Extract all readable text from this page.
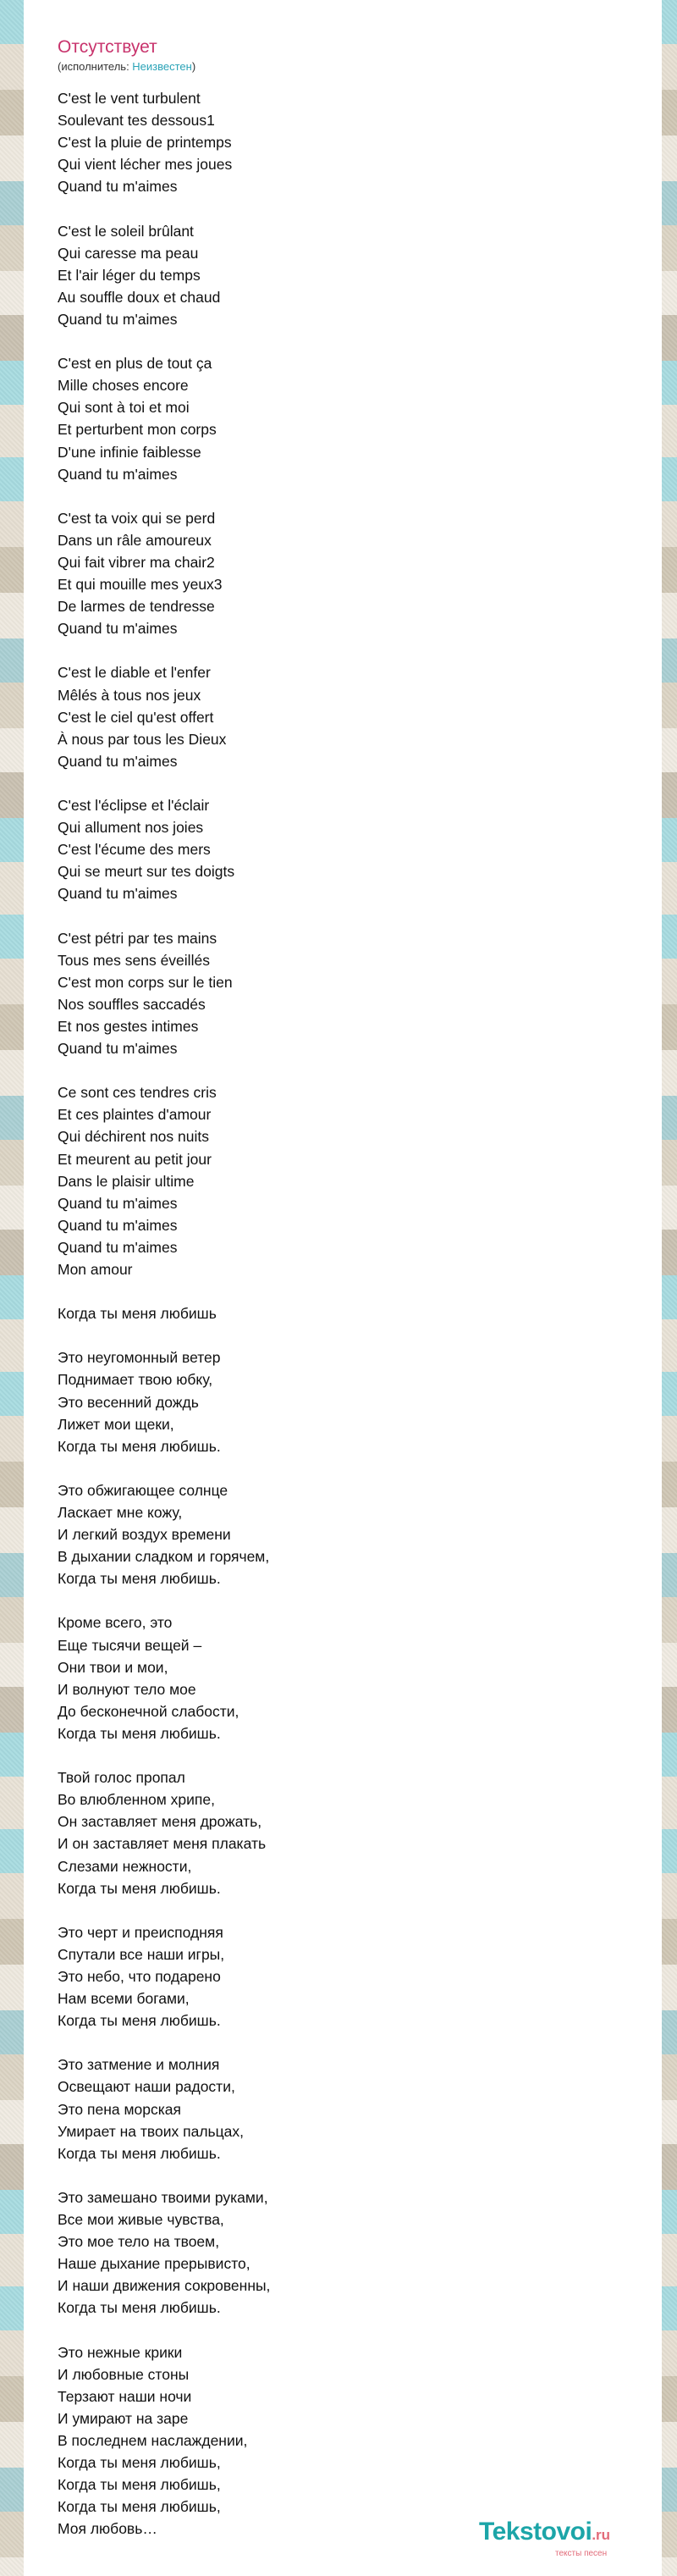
Отсутствует
(исполнитель: Неизвестен)
C'est le vent turbulent
Soulevant tes dessous1
C'est la pluie de printemps
Qui vient lécher mes joues
Quand tu m'aimes

C'est le soleil brûlant
Qui caresse ma peau
Et l'air léger du temps
Au souffle doux et chaud
Quand tu m'aimes

C'est en plus de tout ça
Mille choses encore
Qui sont à toi et moi
Et perturbent mon corps
D'une infinie faiblesse
Quand tu m'aimes

C'est ta voix qui se perd
Dans un râle amoureux
Qui fait vibrer ma chair2
Et qui mouille mes yeux3
De larmes de tendresse
Quand tu m'aimes

C'est le diable et l'enfer
Mêlés à tous nos jeux
C'est le ciel qu'est offert
À nous par tous les Dieux
Quand tu m'aimes

C'est l'éclipse et l'éclair
Qui allument nos joies
C'est l'écume des mers
Qui se meurt sur tes doigts
Quand tu m'aimes

C'est pétri par tes mains
Tous mes sens éveillés
C'est mon corps sur le tien
Nos souffles saccadés
Et nos gestes intimes
Quand tu m'aimes

Ce sont ces tendres cris
Et ces plaintes d'amour
Qui déchirent nos nuits
Et meurent au petit jour
Dans le plaisir ultime
Quand tu m'aimes
Quand tu m'aimes
Quand tu m'aimes
Mon amour

Когда ты меня любишь

Это неугомонный ветер
Поднимает твою юбку,
Это весенний дождь
Лижет мои щеки,
Когда ты меня любишь.

Это обжигающее солнце
Ласкает мне кожу,
И легкий воздух времени
В дыхании сладком и горячем,
Когда ты меня любишь.

Кроме всего, это
Еще тысячи вещей –
Они твои и мои,
И волнуют тело мое
До бесконечной слабости,
Когда ты меня любишь.

Твой голос пропал
Во влюбленном хрипе,
Он заставляет меня дрожать,
И он заставляет меня плакать
Слезами нежности,
Когда ты меня любишь.

Это черт и преисподняя
Спутали все наши игры,
Это небо, что подарено
Нам всеми богами,
Когда ты меня любишь.

Это затмение и молния
Освещают наши радости,
Это пена морская
Умирает на твоих пальцах,
Когда ты меня любишь.

Это замешано твоими руками,
Все мои живые чувства,
Это мое тело на твоем,
Наше дыхание прерывисто,
И наши движения сокровенны,
Когда ты меня любишь.

Это нежные крики
И любовные стоны
Терзают наши ночи
И умирают на заре
В последнем наслаждении,
Когда ты меня любишь,
Когда ты меня любишь,
Когда ты меня любишь,
Моя любовь…	Tekstovoi.ru
тексты песен
